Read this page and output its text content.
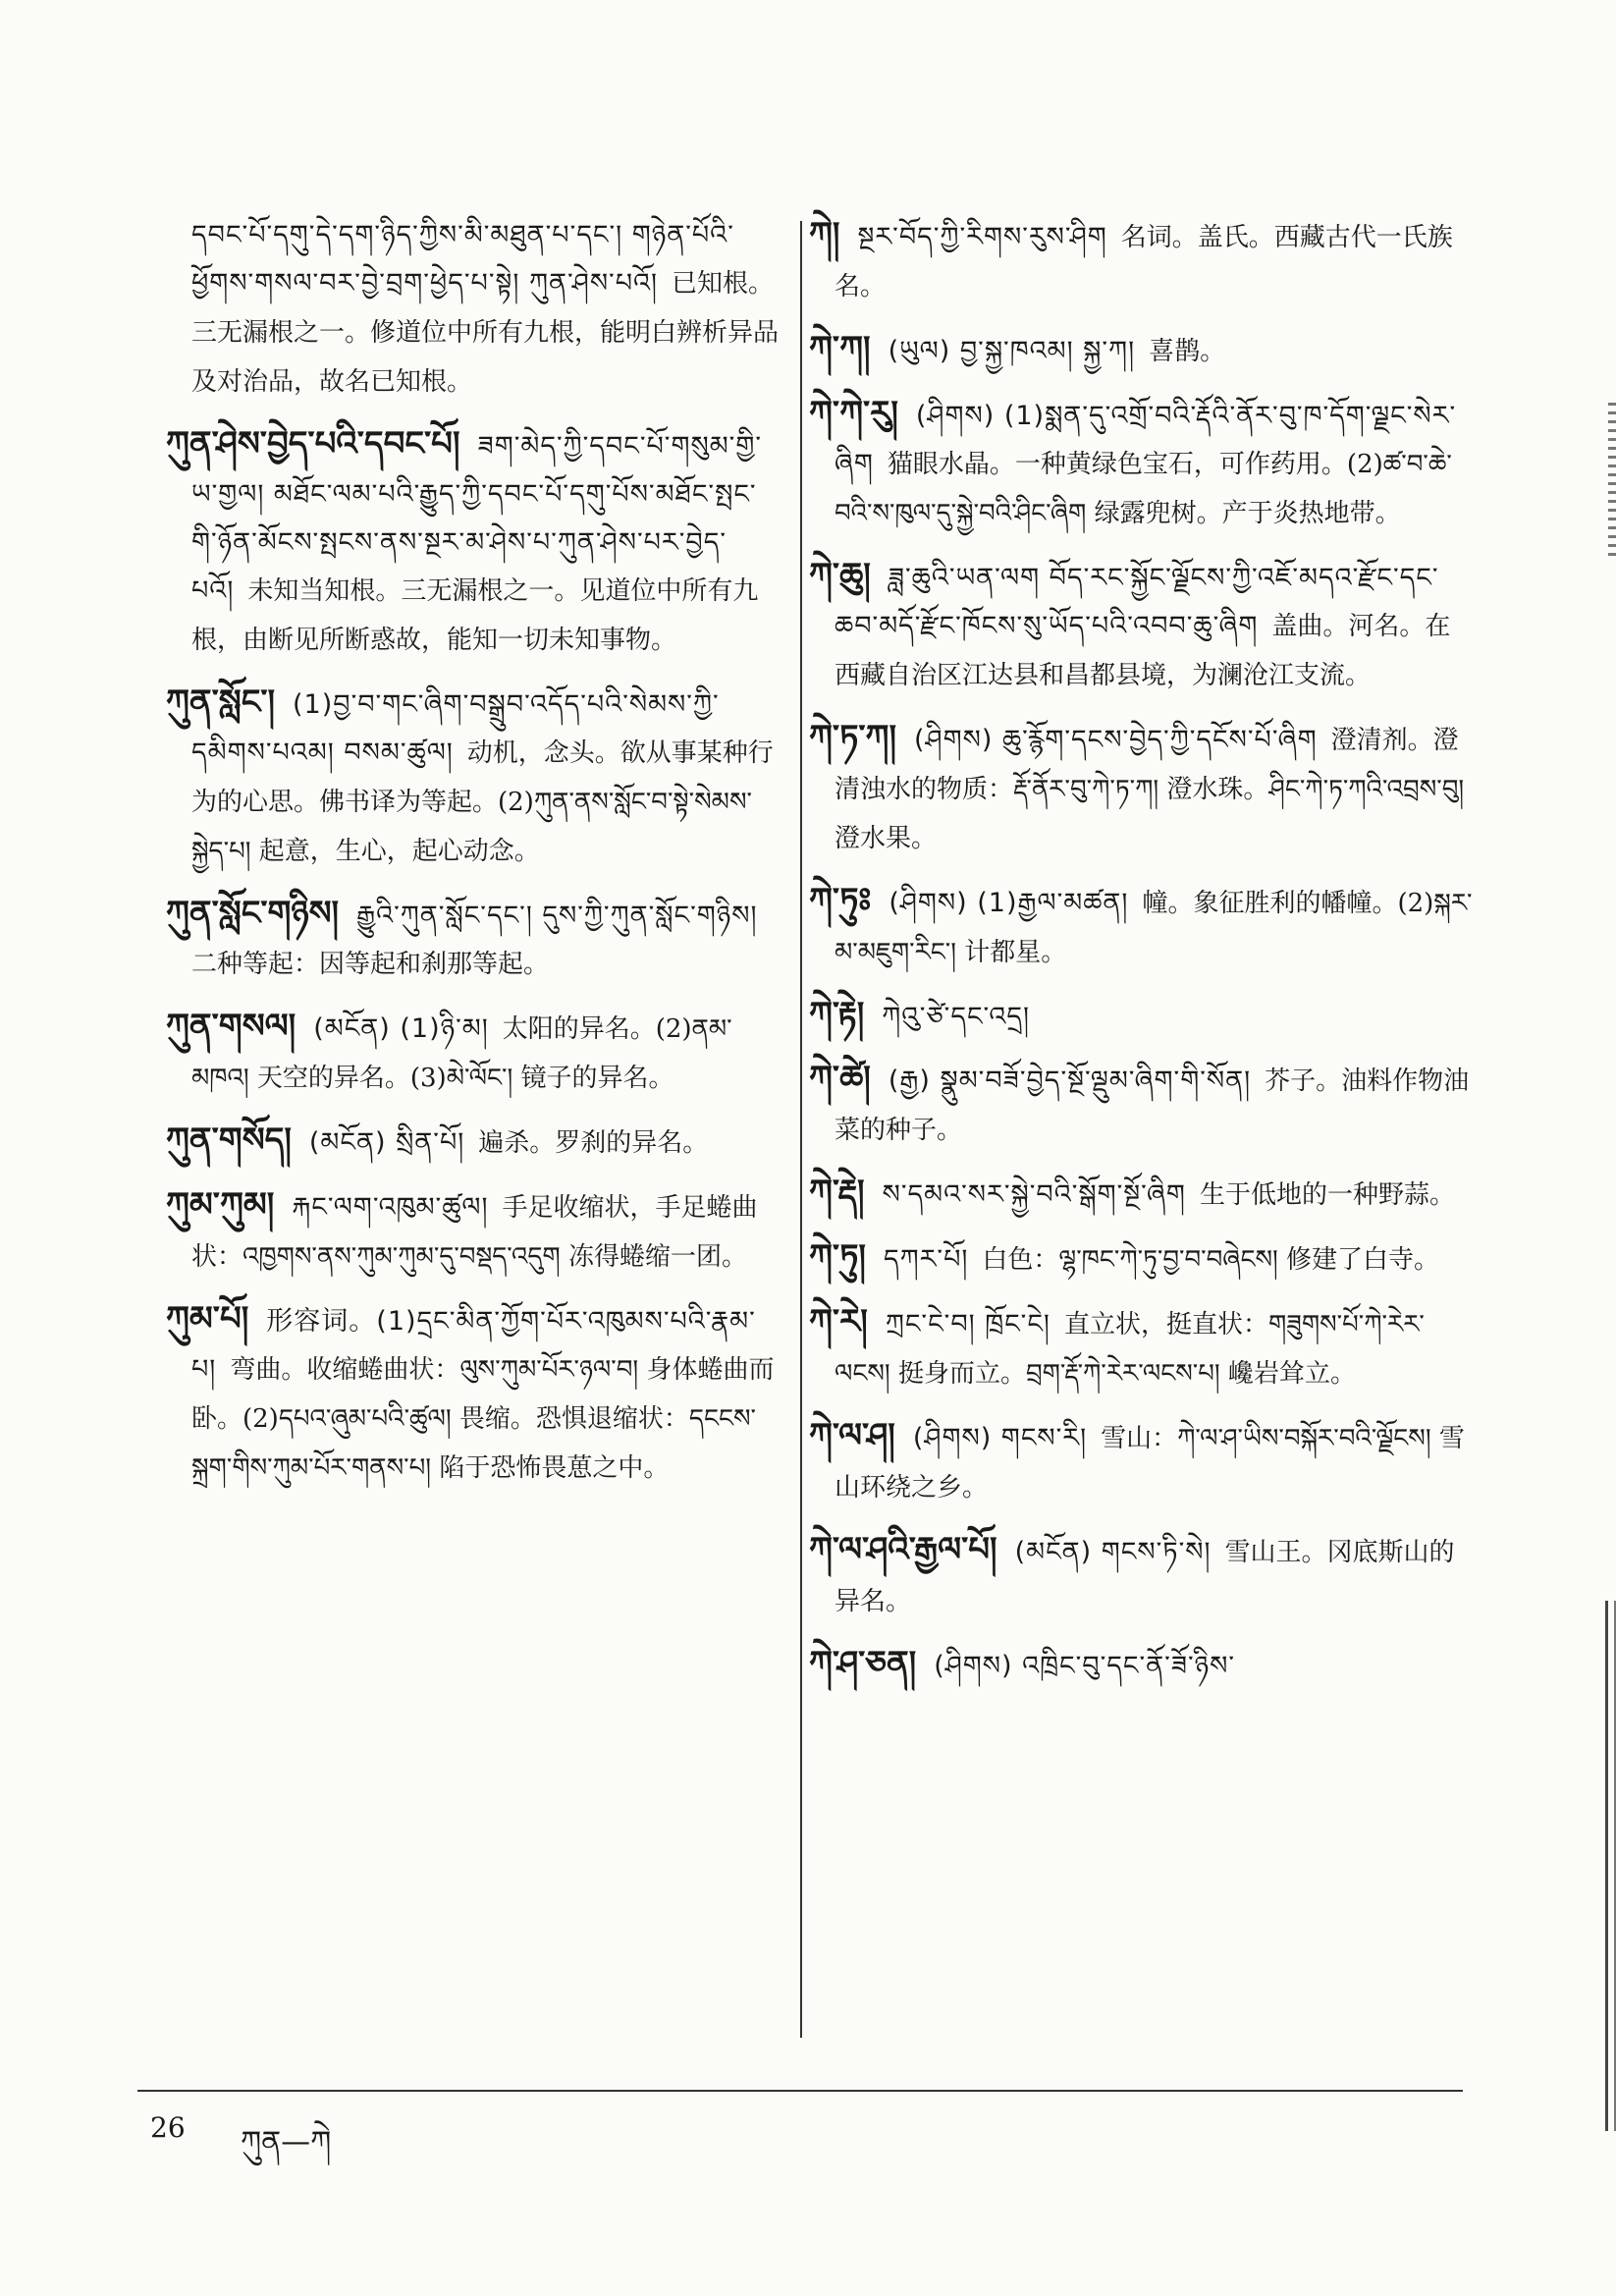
དབང་པོ་དགུ་དེ་དག་ཉིད་ཀྱིས་མི་མཐུན་པ་དང་། གཉེན་པོའི་ཕྱོགས་གསལ་བར་བྱེ་བྲག་ཕྱེད་པ་སྟེ། ཀུན་ཤེས་པའོ། 已知根。三无漏根之一。修道位中所有九根，能明白辨析异品及对治品，故名已知根。

ཀུན་ཤེས་བྱེད་པའི་དབང་པོ། ཟག་མེད་ཀྱི་དབང་པོ་གསུམ་གྱི་ཡ་གྱལ། མཐོང་ལམ་པའི་རྒྱུད་ཀྱི་དབང་པོ་དགུ་པོས་མཐོང་སྤང་གི་ཉོན་མོངས་སྤངས་ནས་སྔར་མ་ཤེས་པ་ཀུན་ཤེས་པར་བྱེད་པའོ། 未知当知根。三无漏根之一。见道位中所有九根，由断见所断惑故，能知一切未知事物。

ཀུན་སློང་། (1)བྱ་བ་གང་ཞིག་བསྒྲུབ་འདོད་པའི་སེམས་ཀྱི་དམིགས་པའམ། བསམ་ཚུལ། 动机，念头。欲从事某种行为的心思。佛书译为等起。(2)ཀུན་ནས་སློང་བ་སྟེ་སེམས་སྐྱེད་པ། 起意，生心，起心动念。

ཀུན་སློང་གཉིས། རྒྱུའི་ཀུན་སློང་དང་། དུས་ཀྱི་ཀུན་སློང་གཉིས།二种等起：因等起和刹那等起。

ཀུན་གསལ། (མངོན) (1)ཉི་མ། 太阳的异名。(2)ནམ་མཁའ། 天空的异名。(3)མེ་ལོང་། 镜子的异名。

ཀུན་གསོད། (མངོན) སྲིན་པོ། 遍杀。罗刹的异名。

ཀུམ་ཀུམ། རྐང་ལག་འཁུམ་ཚུལ། 手足收缩状，手足蜷曲状：འཁྱགས་ནས་ཀུམ་ཀུམ་དུ་བསྡད་འདུག 冻得蜷缩一团。

ཀུམ་པོ། 形容词。(1)དྲང་མིན་ཀྱོག་པོར་འཁུམས་པའི་རྣམ་པ། 弯曲。收缩蜷曲状：ལུས་ཀུམ་པོར་ཉལ་བ། 身体蜷曲而卧。(2)དཔའ་ཞུམ་པའི་ཚུལ། 畏缩。恐惧退缩状：དངངས་སྐྲག་གིས་ཀུམ་པོར་གནས་པ། 陷于恐怖畏葸之中。

ཀེ། སྔར་བོད་ཀྱི་རིགས་རུས་ཤིག 名词。盖氏。西藏古代一氏族名。

ཀེ་ཀ། (ཡུལ) བྱ་སྐྱ་ཁའམ། སྐྱ་ཀ། 喜鹊。

ཀེ་ཀེ་རུ། (ཤིགས) (1)སྨན་དུ་འགྲོ་བའི་རྡོའི་ནོར་བུ་ཁ་དོག་ལྗང་སེར་ཞིག 猫眼水晶。一种黄绿色宝石，可作药用。(2)ཚ་བ་ཆེ་བའི་ས་ཁུལ་དུ་སྐྱེ་བའི་ཤིང་ཞིག 绿露兜树。产于炎热地带。

ཀེ་ཆུ། ཟླ་ཆུའི་ཡན་ལག བོད་རང་སྐྱོང་ལྗོངས་ཀྱི་འཇོ་མདའ་རྫོང་དང་ཆབ་མདོ་རྫོང་ཁོངས་སུ་ཡོད་པའི་འབབ་ཆུ་ཞིག 盖曲。河名。在西藏自治区江达县和昌都县境，为澜沧江支流。

ཀེ་ཏ་ཀ། (ཤིགས) ཆུ་རྙོག་དངས་བྱེད་ཀྱི་དངོས་པོ་ཞིག 澄清剂。澄清浊水的物质：རྡོ་ནོར་བུ་ཀེ་ཏ་ཀ། 澄水珠。ཤིང་ཀེ་ཏ་ཀའི་འབྲས་བུ། 澄水果。

ཀེ་ཏུཿ (ཤིགས) (1)རྒྱལ་མཚན། 幢。象征胜利的幡幢。(2)སྐར་མ་མཇུག་རིང་། 计都星。

ཀེ་རྟེ། ཀེའུ་ཙེ་དང་འདྲ།

ཀེ་ཚེ། (རྒྱ) སྣུམ་བཟོ་བྱེད་སྔོ་ལྡུམ་ཞིག་གི་སོན། 芥子。油料作物油菜的种子。

ཀེ་རྡེ། ས་དམའ་སར་སྐྱེ་བའི་སྒོག་སྔོ་ཞིག 生于低地的一种野蒜。

ཀེ་ཏུ། དཀར་པོ། 白色：ལྷ་ཁང་ཀེ་ཏུ་བྱ་བ་བཞེངས། 修建了白寺。

ཀེ་རེ། ཀྲང་ངེ་བ། ཁྲོང་ངེ། 直立状，挺直状：གཟུགས་པོ་ཀེ་རེར་ལངས། 挺身而立。བྲག་རྡོ་ཀེ་རེར་ལངས་པ། 巉岩耸立。

ཀེ་ལ་ཤ། (ཤིགས) གངས་རི། 雪山：ཀེ་ལ་ཤ་ཡིས་བསྐོར་བའི་ལྗོངས། 雪山环绕之乡。

ཀེ་ལ་ཤའི་རྒྱལ་པོ། (མངོན) གངས་ཏི་སེ། 雪山王。冈底斯山的异名。

ཀེ་ཤ་ཅན། (ཤིགས) འཁྲིང་བུ་དང་ནོ་ཟོ་ཉིས་

26 ཀུན—ཀེ
